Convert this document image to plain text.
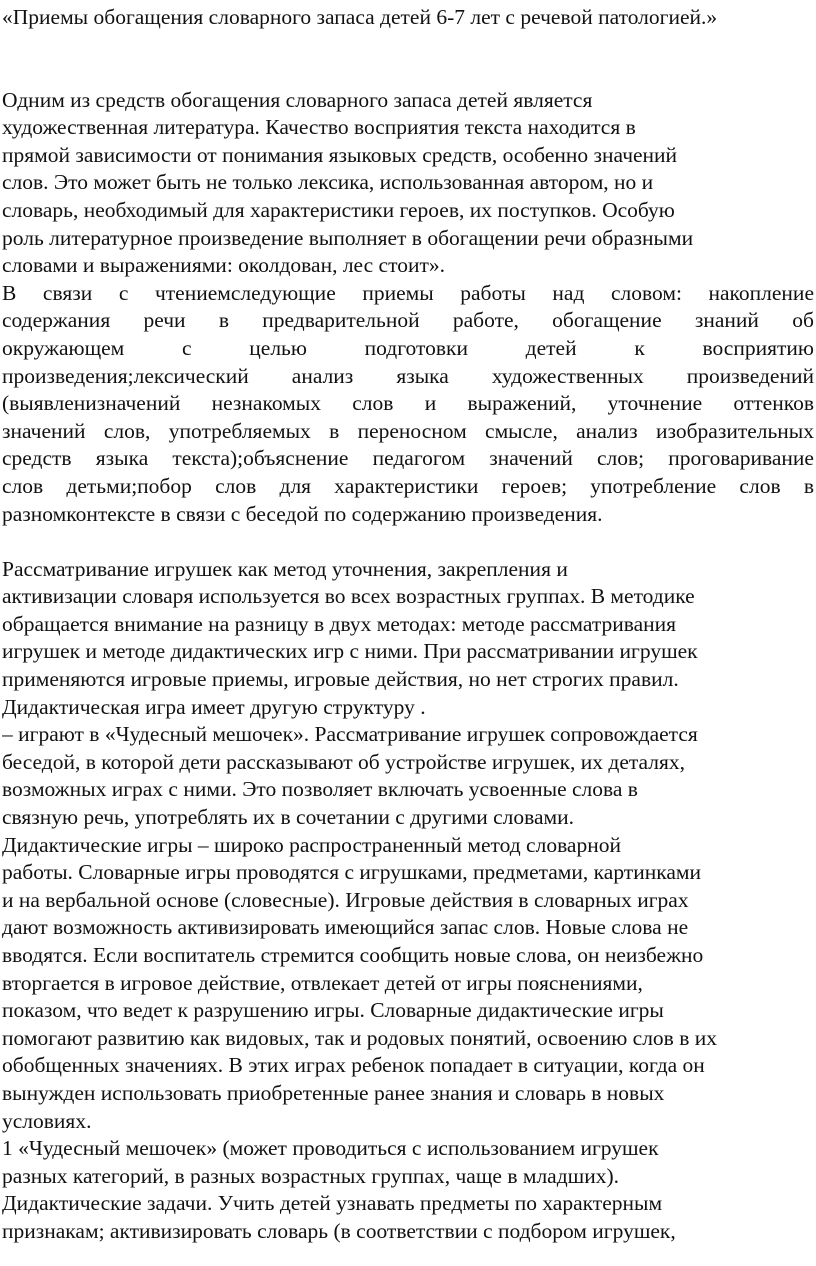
«Приемы обогащения словарного запаса детей 6-7 лет с речевой патологией.»
Одним из средств обогащения словарного запаса детей является
художественная литература. Качество восприятия текста находится в
прямой зависимости от понимания языковых средств, особенно значений
слов. Это может быть не только лексика, использованная автором, но и
словарь, необходимый для характеристики героев, их поступков. Особую
роль литературное произведение выполняет в обогащении речи образными
словами и выражениями: околдован, лес стоит».
В связи с чтениемследующие приемы работы над словом: накопление
содержания речи в предварительной работе, обогащение знаний об
окружающем	с	целью	подготовки	детей	к	восприятию
произведения;лексический анализ языка художественных произведений
(выявленизначений незнакомых слов и выражений, уточнение оттенков
значений слов, употребляемых в переносном смысле, анализ изобразительных
средств языка текста);объяснение педагогом значений слов; проговаривание
слов детьми;побор слов для характеристики героев; употребление слов в
разномконтексте в связи с беседой по содержанию произведения.
Рассматривание игрушек как метод уточнения, закрепления и
активизации словаря используется во всех возрастных группах. В методике
обращается внимание на разницу в двух методах: методе рассматривания
игрушек и методе дидактических игр с ними. При рассматривании игрушек
применяются игровые приемы, игровые действия, но нет строгих правил.
Дидактическая игра имеет другую структуру .
– играют в «Чудесный мешочек». Рассматривание игрушек сопровождается
беседой, в которой дети рассказывают об устройстве игрушек, их деталях,
возможных играх с ними. Это позволяет включать усвоенные слова в
связную речь, употреблять их в сочетании с другими словами.
Дидактические игры – широко распространенный метод словарной
работы. Словарные игры проводятся с игрушками, предметами, картинками
и на вербальной основе (словесные). Игровые действия в словарных играх
дают возможность активизировать имеющийся запас слов. Новые слова не
вводятся. Если воспитатель стремится сообщить новые слова, он неизбежно
вторгается в игровое действие, отвлекает детей от игры пояснениями,
показом, что ведет к разрушению игры. Словарные дидактические игры
помогают развитию как видовых, так и родовых понятий, освоению слов в их
обобщенных значениях. В этих играх ребенок попадает в ситуации, когда он
вынужден использовать приобретенные ранее знания и словарь в новых
условиях.
1 «Чудесный мешочек» (может проводиться с использованием игрушек
разных категорий, в разных возрастных группах, чаще в младших).
Дидактические задачи. Учить детей узнавать предметы по характерным
признакам; активизировать словарь (в соответствии с подбором игрушек,
